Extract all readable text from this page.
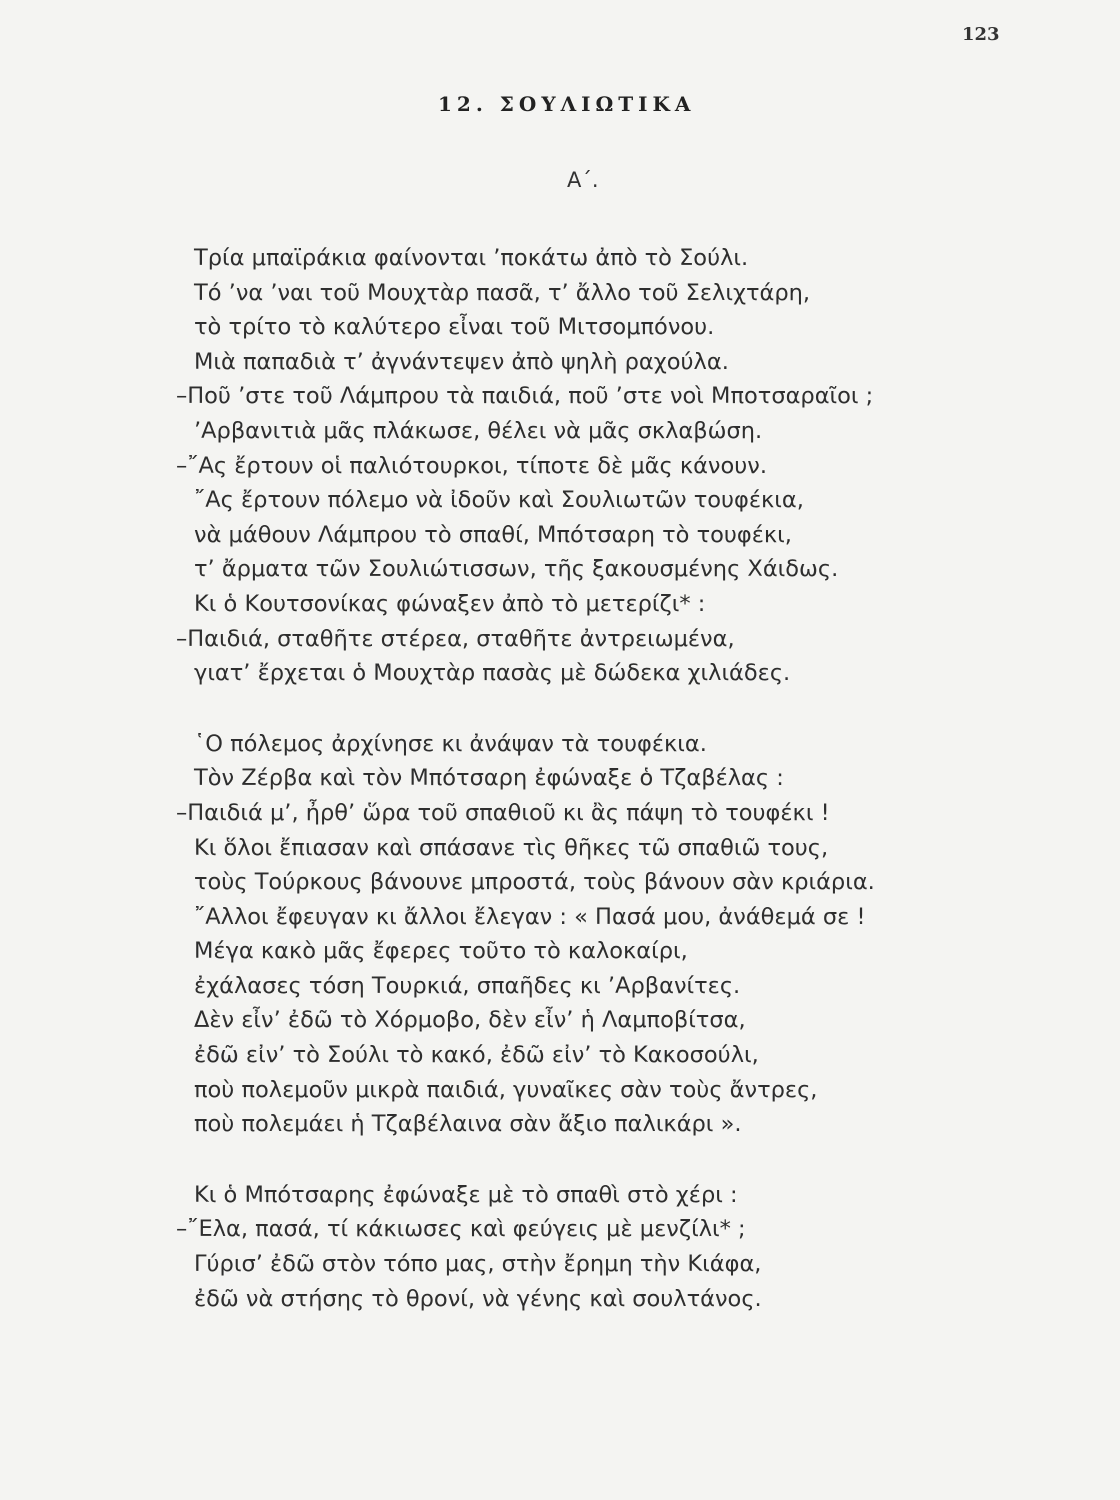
123
12. ΣΟΥΛΙΩΤΙΚΑ
Α΄.
Τρία μπαϊράκια φαίνονται ’ποκάτω ἀπὸ τὸ Σούλι.
Τό ’να ’ναι τοῦ Μουχτὰρ πασᾶ, τ’ ἄλλο τοῦ Σελιχτάρη,
τὸ τρίτο τὸ καλύτερο εἶναι τοῦ Μιτσομπόνου.
Μιὰ παπαδιὰ τ’ ἀγνάντεψεν ἀπὸ ψηλὴ ραχούλα.
–Ποῦ ’στε τοῦ Λάμπρου τὰ παιδιά, ποῦ ’στε νοὶ Μποτσαραῖοι ;
’Αρβανιτιὰ μᾶς πλάκωσε, θέλει νὰ μᾶς σκλαβώση.
–῎Ας ἔρτουν οἱ παλιότουρκοι, τίποτε δὲ μᾶς κάνουν.
῎Ας ἔρτουν πόλεμο νὰ ἰδοῦν καὶ Σουλιωτῶν τουφέκια,
νὰ μάθουν Λάμπρου τὸ σπαθί, Μπότσαρη τὸ τουφέκι,
τ’ ἄρματα τῶν Σουλιώτισσων, τῆς ξακουσμένης Χάιδως.
Κι ὁ Κουτσονίκας φώναξεν ἀπὸ τὸ μετερίζι* :
–Παιδιά, σταθῆτε στέρεα, σταθῆτε ἀντρειωμένα,
γιατ’ ἔρχεται ὁ Μουχτὰρ πασὰς μὲ δώδεκα χιλιάδες.
῾Ο πόλεμος ἀρχίνησε κι ἀνάψαν τὰ τουφέκια.
Τὸν Ζέρβα καὶ τὸν Μπότσαρη ἐφώναξε ὁ Τζαβέλας :
–Παιδιά μ’, ἦρθ’ ὥρα τοῦ σπαθιοῦ κι ἂς πάψη τὸ τουφέκι !
Κι ὅλοι ἔπιασαν καὶ σπάσανε τὶς θῆκες τῶ σπαθιῶ τους,
τοὺς Τούρκους βάνουνε μπροστά, τοὺς βάνουν σὰν κριάρια.
῎Αλλοι ἔφευγαν κι ἄλλοι ἔλεγαν : « Πασά μου, ἀνάθεμά σε !
Μέγα κακὸ μᾶς ἔφερες τοῦτο τὸ καλοκαίρι,
ἐχάλασες τόση Τουρκιά, σπαῆδες κι ’Αρβανίτες.
Δὲν εἶν’ ἐδῶ τὸ Χόρμοβο, δὲν εἶν’ ἡ Λαμποβίτσα,
ἐδῶ εἰν’ τὸ Σούλι τὸ κακό, ἐδῶ εἰν’ τὸ Κακοσούλι,
ποὺ πολεμοῦν μικρὰ παιδιά, γυναῖκες σὰν τοὺς ἄντρες,
ποὺ πολεμάει ἡ Τζαβέλαινα σὰν ἄξιο παλικάρι ».
Κι ὁ Μπότσαρης ἐφώναξε μὲ τὸ σπαθὶ στὸ χέρι :
–῎Ελα, πασά, τί κάκιωσες καὶ φεύγεις μὲ μενζίλι* ;
Γύρισ’ ἐδῶ στὸν τόπο μας, στὴν ἔρημη τὴν Κιάφα,
ἐδῶ νὰ στήσης τὸ θρονί, νὰ γένης καὶ σουλτάνος.
